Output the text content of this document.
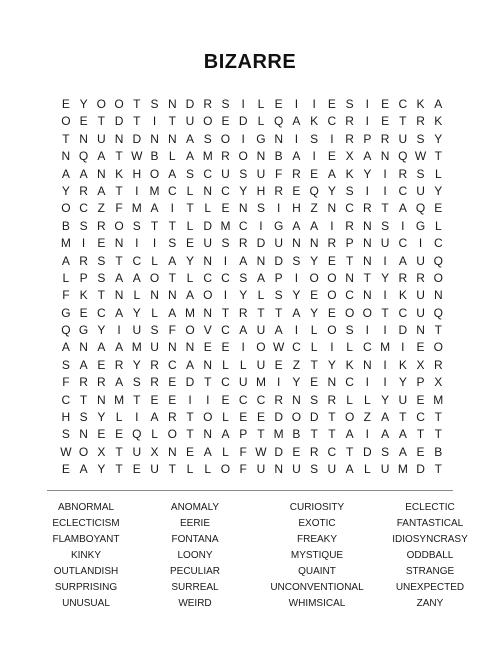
BIZARRE
E Y O O T S N D R S	I	L E	I	I	E S	I	E C K A
O E T D T	I	T U O E D L Q A K C R I	E T R K
T N U N D N N A S O I G N I	S	I R P R U S Y
N Q A T W B L A M R O N B A	I	E X A N Q W T
A A N K H O A S C U S U F R E A K Y	I R S L
Y R A T	I M C L N C Y H R E Q Y S	I	I C U Y
O C Z F M A	I	T L E N S	I H Z N C R T A Q E
B S R O S T T L D M C I G A A	I R N S	I G L
M I	E N I	I	S E U S R D U N N R P N U C I C
A R S T C L A Y N I	A N D S Y E T N I	A U Q
L P S A A O T L C C S A P	I O O N T Y R R O
F K T N L N N A O I	Y L S Y E O C N I	K U N
G E C A Y L A M N T R T T A Y E O O T C U Q
Q G Y	I U S F O V C A U A	I	L O S	I	I D N T
A N A A M U N N E E	I O W C L	I	L C M I	E O
S A E R Y R C A N L L U E Z T Y K N I	K X R
F R R A S R E D T C U M I	Y E N C I	I	Y P X
C T N M T E E	I	I	E C C R N S R L L Y U E M
H S Y L	I	A R T O L E E D O D T O Z A T C T
S N E E Q L O T N A P T M B T T A	I	A A T T
W O X T U X N E A L F W D E R C T D S A E B
E A Y T E U T L L O F U N U S U A L U M D T
ABNORMAL	ANOMALY	CURIOSITY	ECLECTIC
ECLECTICISM	EERIE	EXOTIC	FANTASTICAL
FLAMBOYANT	FONTANA	FREAKY	IDIOSYNCRASY
KINKY	LOONY	MYSTIQUE	ODDBALL
OUTLANDISH	PECULIAR	QUAINT	STRANGE
SURPRISING	SURREAL	UNCONVENTIONAL	UNEXPECTED
UNUSUAL	WEIRD	WHIMSICAL	ZANY
